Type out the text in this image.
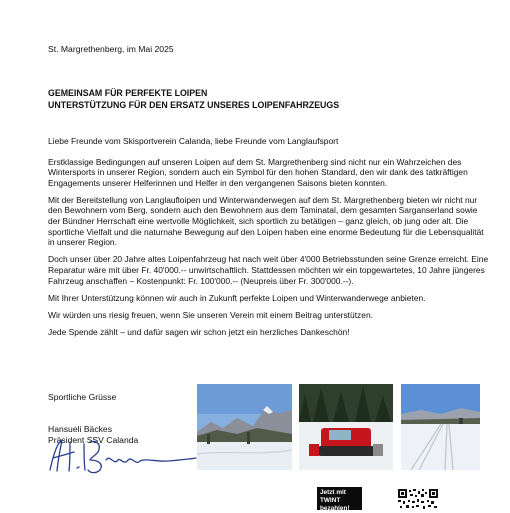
St. Margrethenberg, im Mai 2025
GEMEINSAM FÜR PERFEKTE LOIPEN
UNTERSTÜTZUNG FÜR DEN ERSATZ UNSERES LOIPENFAHRZEUGS

Liebe Freunde vom Skisportverein Calanda, liebe Freunde vom Langlaufsport

Erstklassige Bedingungen auf unseren Loipen auf dem St. Margrethenberg sind nicht nur ein Wahrzeichen des Wintersports in unserer Region, sondern auch ein Symbol für den hohen Standard, den wir dank des tatkräftigen Engagements unserer Helferinnen und Helfer in den vergangenen Saisons bieten konnten.

Mit der Bereitstellung von Langlaufloipen und Winterwanderwegen auf dem St. Margrethenberg bieten wir nicht nur den Bewohnern vom Berg, sondern auch den Bewohnern aus dem Taminatal, dem gesamten Sarganserland sowie der Bündner Herrschaft eine wertvolle Möglichkeit, sich sportlich zu betätigen – ganz gleich, ob jung oder alt. Die sportliche Vielfalt und die naturnahe Bewegung auf den Loipen haben eine enorme Bedeutung für die Lebensqualität in unserer Region.

Doch unser über 20 Jahre altes Loipenfahrzeug hat nach weit über 4'000 Betriebsstunden seine Grenze erreicht. Eine Reparatur wäre mit über Fr. 40'000.-- unwirtschaftlich. Stattdessen möchten wir ein topgewartetes, 10 Jahre jüngeres Fahrzeug anschaffen – Kostenpunkt: Fr. 100'000.-- (Neupreis über Fr. 300'000.--).

Mit Ihrer Unterstützung können wir auch in Zukunft perfekte Loipen und Winterwanderwege anbieten.

Wir würden uns riesig freuen, wenn Sie unseren Verein mit einem Beitrag unterstützen.

Jede Spende zählt – und dafür sagen wir schon jetzt ein herzliches Dankeschön!

Sportliche Grüsse
Hansueli Bäckes
Präsident SSV Calanda
Jetzt mit TWINT
bezahlen!
